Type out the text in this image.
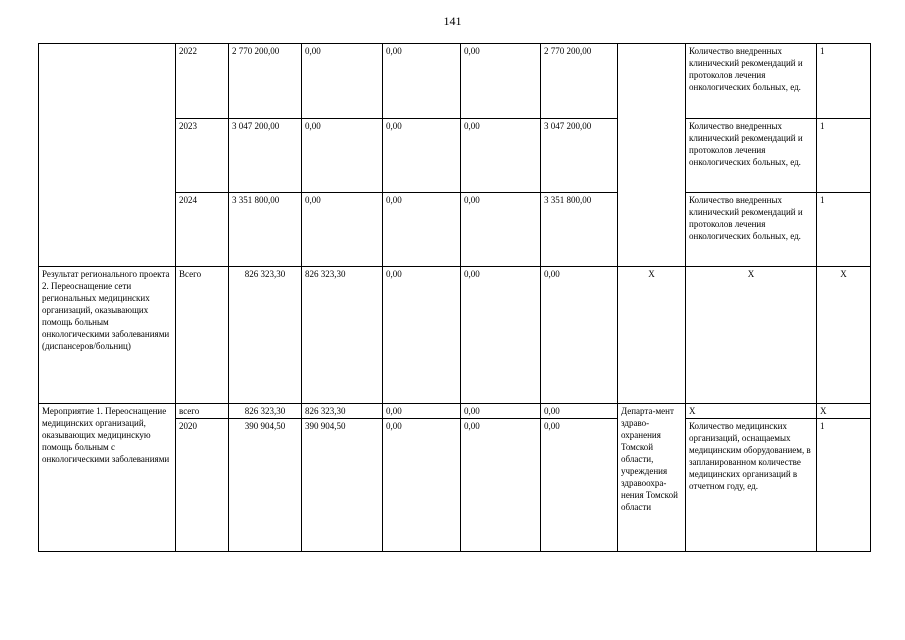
141
	2022	2 770 200,00	0,00	0,00	0,00	2 770 200,00		Количество внедренных клинический рекомендаций и протоколов лечения онкологических больных, ед.	1
	2023	3 047 200,00	0,00	0,00	0,00	3 047 200,00		Количество внедренных клинический рекомендаций и протоколов лечения онкологических больных, ед.	1
	2024	3 351 800,00	0,00	0,00	0,00	3 351 800,00		Количество внедренных клинический рекомендаций и протоколов лечения онкологических больных, ед.	1
Результат регионального проекта 2. Переоснащение сети региональных медицинских организаций, оказывающих помощь больным онкологическими заболеваниями (диспансеров/больниц)	Всего	826 323,30	826 323,30	0,00	0,00	0,00	Х	Х	Х
Мероприятие 1. Переоснащение медицинских организаций, оказывающих медицинскую помощь больным с онкологическими заболеваниями	всего	826 323,30	826 323,30	0,00	0,00	0,00	Департа-мент здраво-охранения Томской области, учреждения здравоохра-нения Томской области	Х	Х
	2020	390 904,50	390 904,50	0,00	0,00	0,00		Количество медицинских организаций, оснащаемых медицинским оборудованием, в запланированном количестве медицинских организаций в отчетном году, ед.	1
